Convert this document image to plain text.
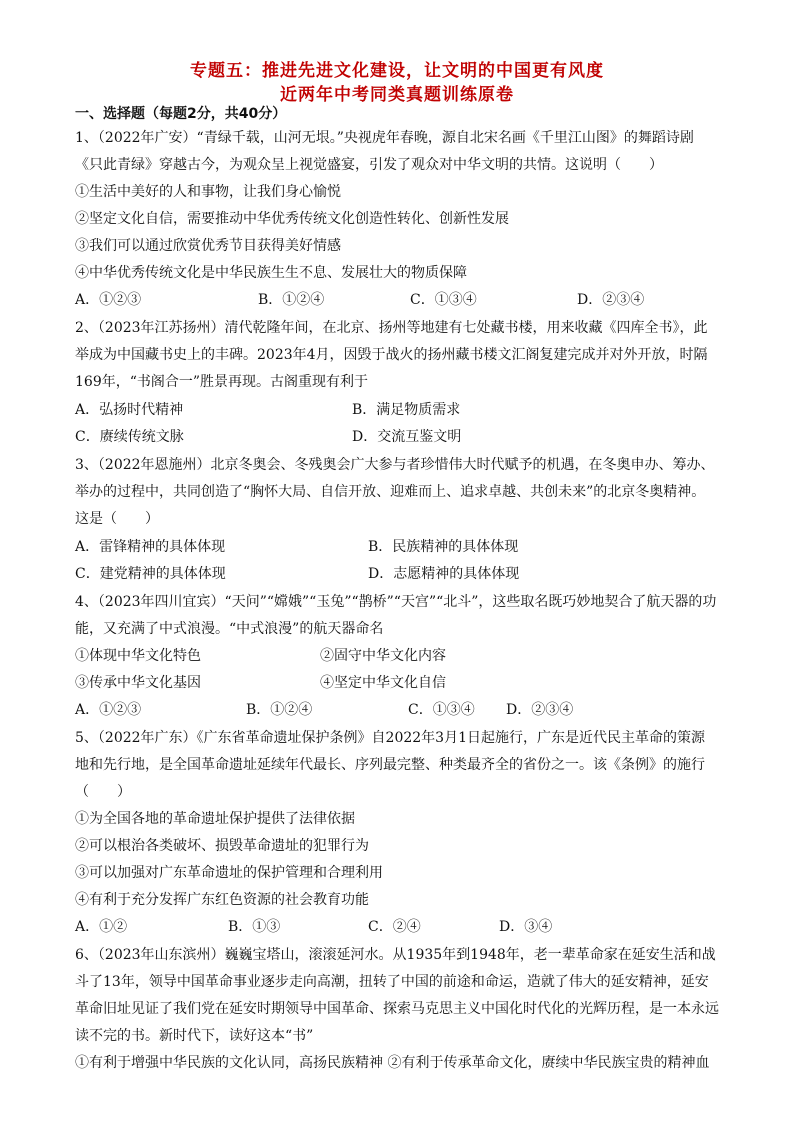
专题五：推进先进文化建设，让文明的中国更有风度
近两年中考同类真题训练原卷
一、选择题（每题2分，共40分）
1、（2022年广安）“青绿千载，山河无垠。”央视虎年春晚，源自北宋名画《千里江山图》的舞蹈诗剧
《只此青绿》穿越古今，为观众呈上视觉盛宴，引发了观众对中华文明的共情。这说明（　　）
①生活中美好的人和事物，让我们身心愉悦
②坚定文化自信，需要推动中华优秀传统文化创造性转化、创新性发展
③我们可以通过欣赏优秀节目获得美好情感
④中华优秀传统文化是中华民族生生不息、发展壮大的物质保障
A．①②③	B．①②④	C．①③④	D．②③④
2、（2023年江苏扬州）清代乾隆年间，在北京、扬州等地建有七处藏书楼，用来收藏《四库全书》，此
举成为中国藏书史上的丰碑。2023年4月，因毁于战火的扬州藏书楼文汇阁复建完成并对外开放，时隔
169年，“书阁合一”胜景再现。古阁重现有利于
A．弘扬时代精神	B．满足物质需求
C．赓续传统文脉	D．交流互鉴文明
3、（2022年恩施州）北京冬奥会、冬残奥会广大参与者珍惜伟大时代赋予的机遇，在冬奥申办、筹办、
举办的过程中，共同创造了“胸怀大局、自信开放、迎难而上、追求卓越、共创未来”的北京冬奥精神。
这是（　　）
A．雷锋精神的具体体现	B．民族精神的具体体现
C．建党精神的具体体现	D．志愿精神的具体体现
4、（2023年四川宜宾）“天问”“嫦娥”“玉兔”“鹊桥”“天宫”“北斗”，这些取名既巧妙地契合了航天器的功
能，又充满了中式浪漫。“中式浪漫”的航天器命名
①体现中华文化特色	②固守中华文化内容
③传承中华文化基因	④坚定中华文化自信
A．①②③	B．①②④	C．①③④ D．②③④
5、（2022年广东）《广东省革命遗址保护条例》自2022年3月1日起施行，广东是近代民主革命的策源
地和先行地，是全国革命遗址延续年代最长、序列最完整、种类最齐全的省份之一。该《条例》的施行
（　　）
①为全国各地的革命遗址保护提供了法律依据
②可以根治各类破坏、损毁革命遗址的犯罪行为
③可以加强对广东革命遗址的保护管理和合理利用
④有利于充分发挥广东红色资源的社会教育功能
A．①②	B．①③	C．②④	D．③④
6、（2023年山东滨州）巍巍宝塔山，滚滚延河水。从1935年到1948年，老一辈革命家在延安生活和战
斗了13年，领导中国革命事业逐步走向高潮，扭转了中国的前途和命运，造就了伟大的延安精神，延安
革命旧址见证了我们党在延安时期领导中国革命、探索马克思主义中国化时代化的光辉历程，是一本永远
读不完的书。新时代下，读好这本“书”
①有利于增强中华民族的文化认同，高扬民族精神 ②有利于传承革命文化，赓续中华民族宝贵的精神血
